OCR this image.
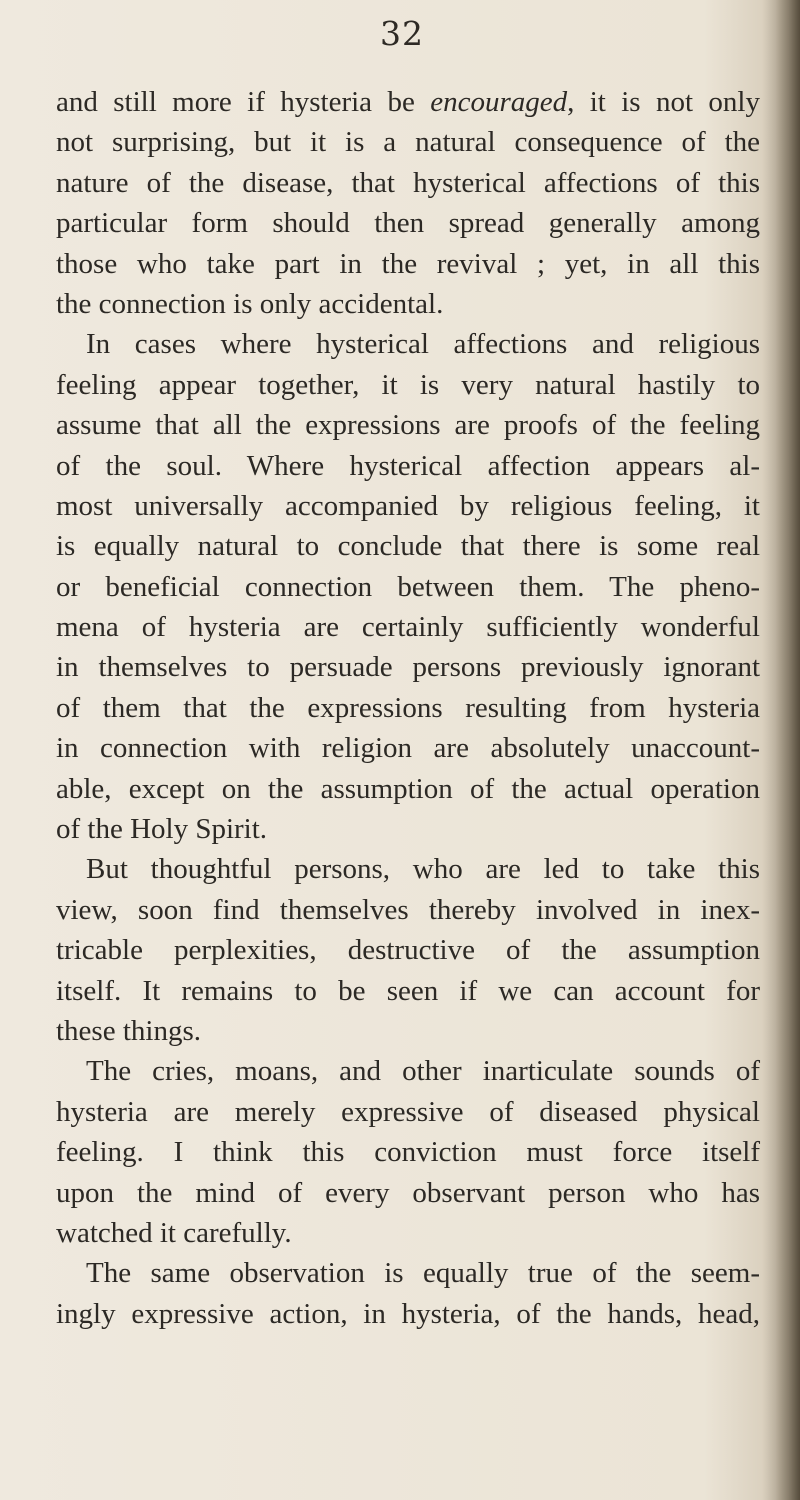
32
and still more if hysteria be encouraged, it is not only
not surprising, but it is a natural consequence of the
nature of the disease, that hysterical affections of this
particular form should then spread generally among
those who take part in the revival ; yet, in all this
the connection is only accidental.
In cases where hysterical affections and religious
feeling appear together, it is very natural hastily to
assume that all the expressions are proofs of the feeling
of the soul. Where hysterical affection appears al-
most universally accompanied by religious feeling, it
is equally natural to conclude that there is some real
or beneficial connection between them. The pheno-
mena of hysteria are certainly sufficiently wonderful
in themselves to persuade persons previously ignorant
of them that the expressions resulting from hysteria
in connection with religion are absolutely unaccount-
able, except on the assumption of the actual operation
of the Holy Spirit.
But thoughtful persons, who are led to take this
view, soon find themselves thereby involved in inex-
tricable perplexities, destructive of the assumption
itself. It remains to be seen if we can account for
these things.
The cries, moans, and other inarticulate sounds of
hysteria are merely expressive of diseased physical
feeling. I think this conviction must force itself
upon the mind of every observant person who has
watched it carefully.
The same observation is equally true of the seem-
ingly expressive action, in hysteria, of the hands, head,
